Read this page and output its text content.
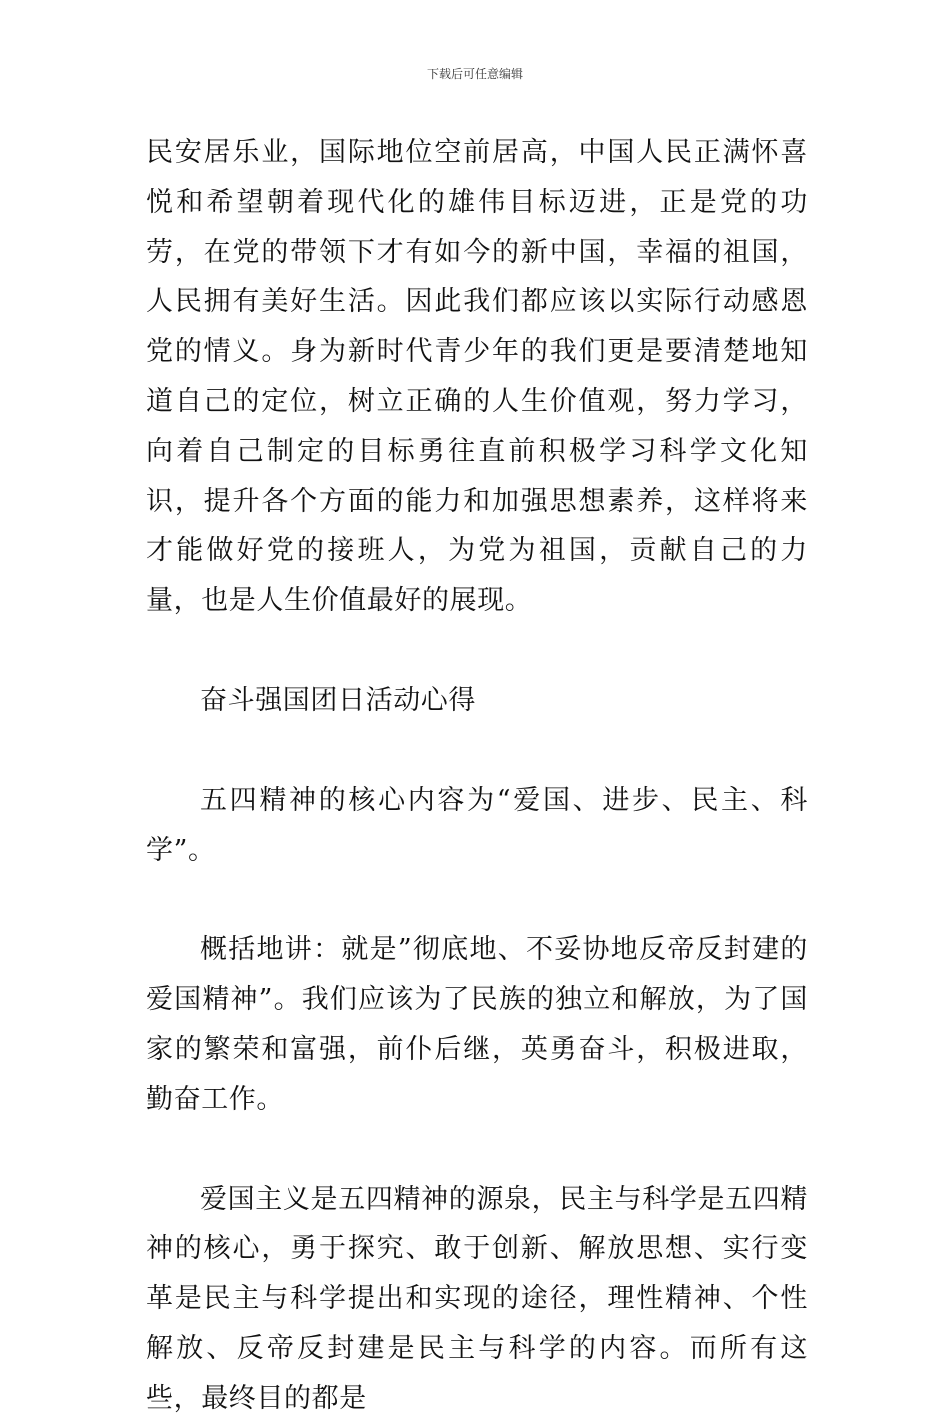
下载后可任意编辑

民安居乐业，国际地位空前居高，中国人民正满怀喜悦和希望朝着现代化的雄伟目标迈进，正是党的功劳，在党的带领下才有如今的新中国，幸福的祖国，人民拥有美好生活。因此我们都应该以实际行动感恩党的情义。身为新时代青少年的我们更是要清楚地知道自己的定位，树立正确的人生价值观，努力学习，向着自己制定的目标勇往直前积极学习科学文化知识，提升各个方面的能力和加强思想素养，这样将来才能做好党的接班人，为党为祖国，贡献自己的力量，也是人生价值最好的展现。

奋斗强国团日活动心得

五四精神的核心内容为“爱国、进步、民主、科学”。

概括地讲：就是”彻底地、不妥协地反帝反封建的爱国精神”。我们应该为了民族的独立和解放，为了国家的繁荣和富强，前仆后继，英勇奋斗，积极进取，勤奋工作。

爱国主义是五四精神的源泉，民主与科学是五四精神的核心，勇于探究、敢于创新、解放思想、实行变革是民主与科学提出和实现的途径，理性精神、个性解放、反帝反封建是民主与科学的内容。而所有这些，最终目的都是
